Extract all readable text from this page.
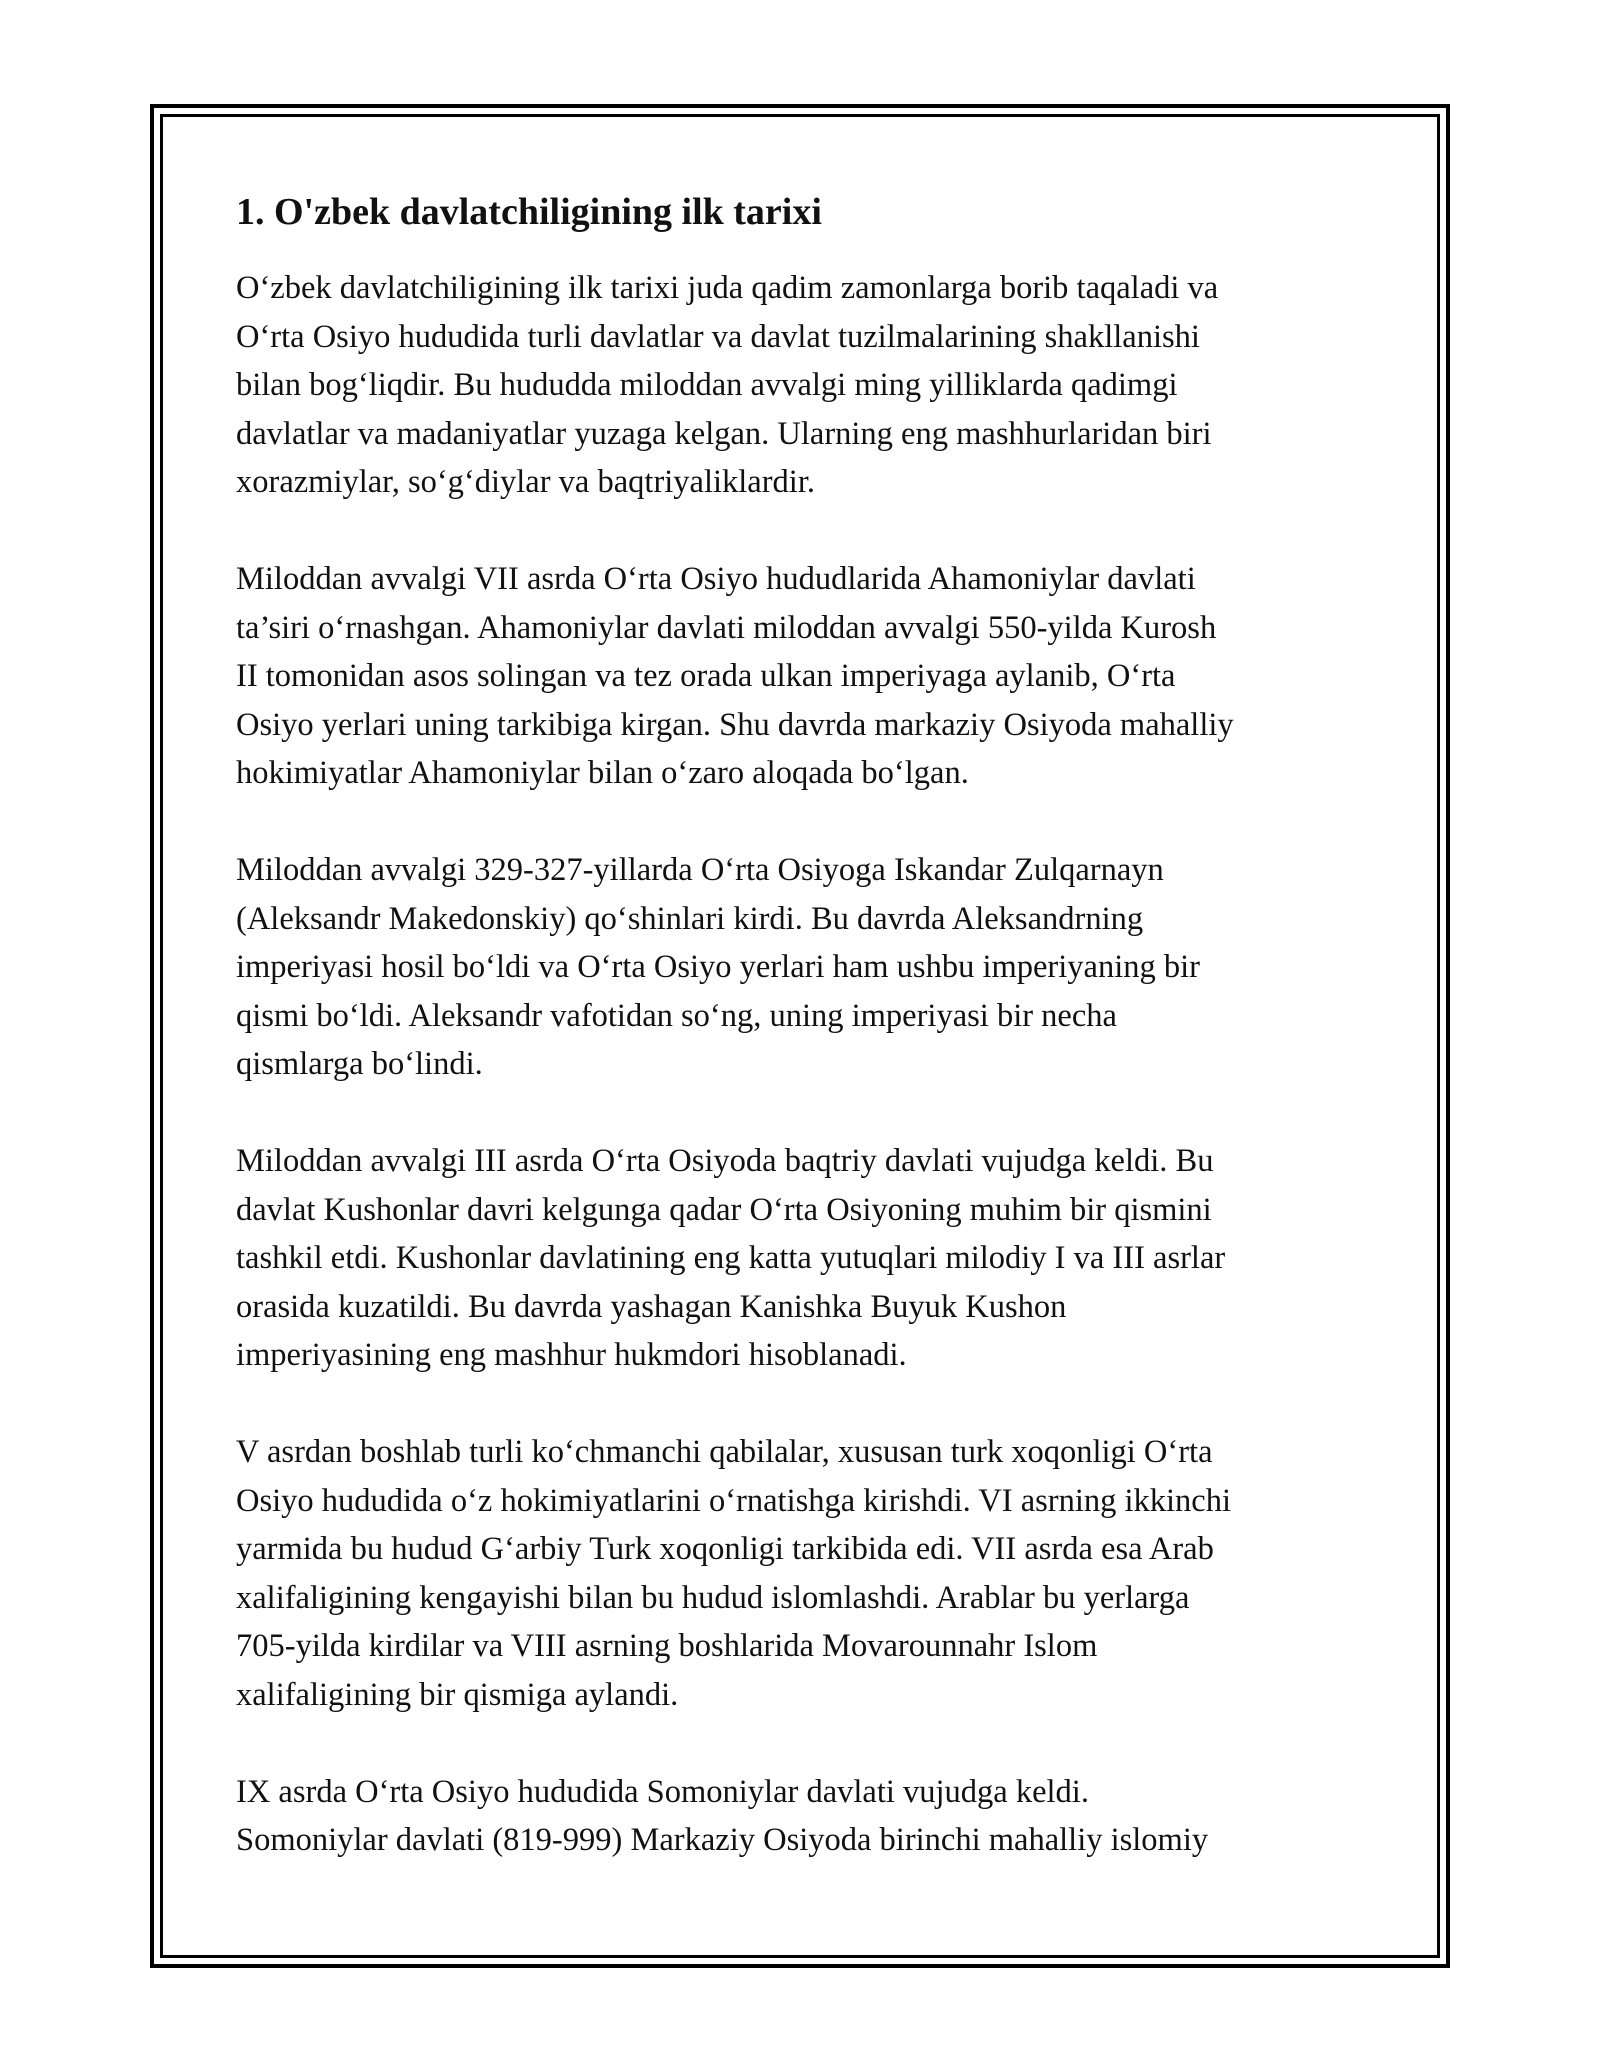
1. O'zbek davlatchiligining ilk tarixi

O‘zbek davlatchiligining ilk tarixi juda qadim zamonlarga borib taqaladi va
O‘rta Osiyo hududida turli davlatlar va davlat tuzilmalarining shakllanishi
bilan bog‘liqdir. Bu hududda miloddan avvalgi ming yilliklarda qadimgi
davlatlar va madaniyatlar yuzaga kelgan. Ularning eng mashhurlaridan biri
xorazmiylar, so‘g‘diylar va baqtriyaliklardir.

Miloddan avvalgi VII asrda O‘rta Osiyo hududlarida Ahamoniylar davlati
ta’siri o‘rnashgan. Ahamoniylar davlati miloddan avvalgi 550-yilda Kurosh
II tomonidan asos solingan va tez orada ulkan imperiyaga aylanib, O‘rta
Osiyo yerlari uning tarkibiga kirgan. Shu davrda markaziy Osiyoda mahalliy
hokimiyatlar Ahamoniylar bilan o‘zaro aloqada bo‘lgan.

Miloddan avvalgi 329-327-yillarda O‘rta Osiyoga Iskandar Zulqarnayn
(Aleksandr Makedonskiy) qo‘shinlari kirdi. Bu davrda Aleksandrning
imperiyasi hosil bo‘ldi va O‘rta Osiyo yerlari ham ushbu imperiyaning bir
qismi bo‘ldi. Aleksandr vafotidan so‘ng, uning imperiyasi bir necha
qismlarga bo‘lindi.

Miloddan avvalgi III asrda O‘rta Osiyoda baqtriy davlati vujudga keldi. Bu
davlat Kushonlar davri kelgunga qadar O‘rta Osiyoning muhim bir qismini
tashkil etdi. Kushonlar davlatining eng katta yutuqlari milodiy I va III asrlar
orasida kuzatildi. Bu davrda yashagan Kanishka Buyuk Kushon
imperiyasining eng mashhur hukmdori hisoblanadi.

V asrdan boshlab turli ko‘chmanchi qabilalar, xususan turk xoqonligi O‘rta
Osiyo hududida o‘z hokimiyatlarini o‘rnatishga kirishdi. VI asrning ikkinchi
yarmida bu hudud G‘arbiy Turk xoqonligi tarkibida edi. VII asrda esa Arab
xalifaligining kengayishi bilan bu hudud islomlashdi. Arablar bu yerlarga
705-yilda kirdilar va VIII asrning boshlarida Movarounnahr Islom
xalifaligining bir qismiga aylandi.

IX asrda O‘rta Osiyo hududida Somoniylar davlati vujudga keldi.
Somoniylar davlati (819-999) Markaziy Osiyoda birinchi mahalliy islomiy
